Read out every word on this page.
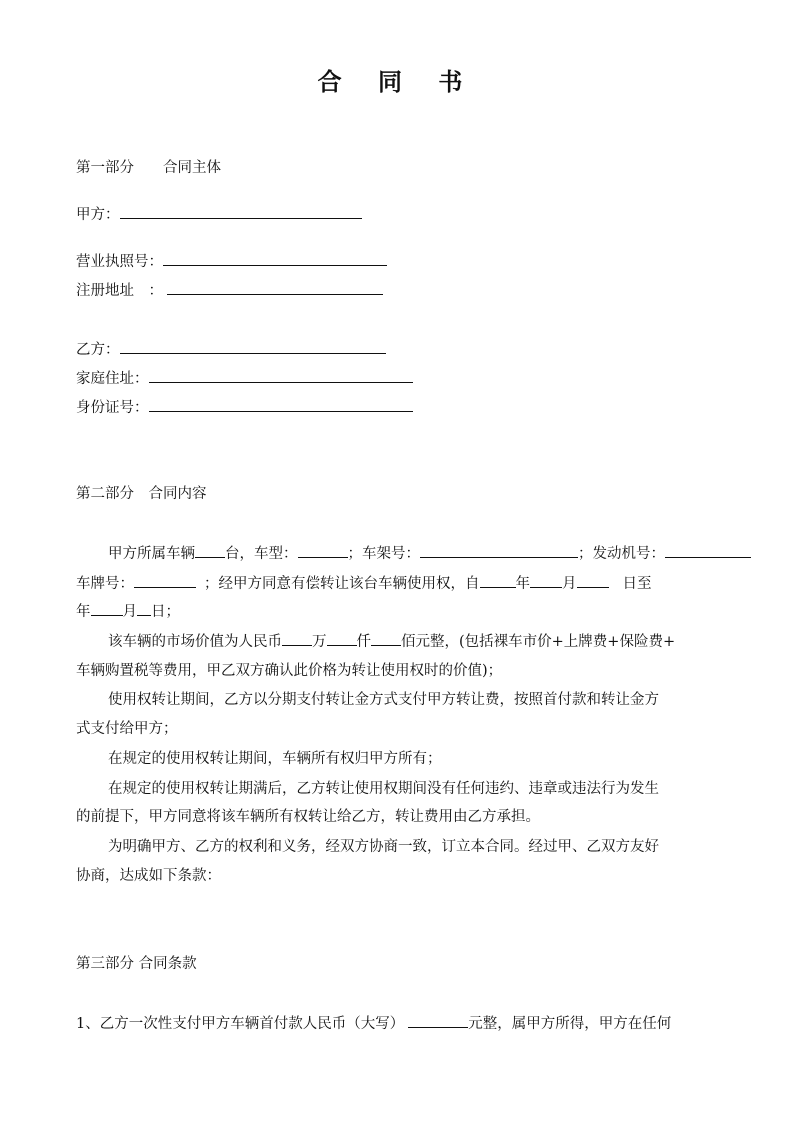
合 同 书
第一部分　　合同主体
甲方：
营业执照号：
注册地址　：
乙方：
家庭住址：
身份证号：
第二部分　合同内容
甲方所属车辆 台，车型：	；车架号：	；发动机号：
车牌号：	；经甲方同意有偿转让该台车辆使用权，自 年 月	日至
年 月 日；
该车辆的市场价值为人民币 万 仟 佰元整，(包括裸车市价+上牌费+保险费+
车辆购置税等费用，甲乙双方确认此价格为转让使用权时的价值)；
使用权转让期间，乙方以分期支付转让金方式支付甲方转让费，按照首付款和转让金方
式支付给甲方；
在规定的使用权转让期间，车辆所有权归甲方所有；
在规定的使用权转让期满后，乙方转让使用权期间没有任何违约、违章或违法行为发生
的前提下，甲方同意将该车辆所有权转让给乙方，转让费用由乙方承担。
为明确甲方、乙方的权利和义务，经双方协商一致，订立本合同。经过甲、乙双方友好
协商，达成如下条款：
第三部分 合同条款
1、乙方一次性支付甲方车辆首付款人民币（大写）	元整，属甲方所得，甲方在任何
